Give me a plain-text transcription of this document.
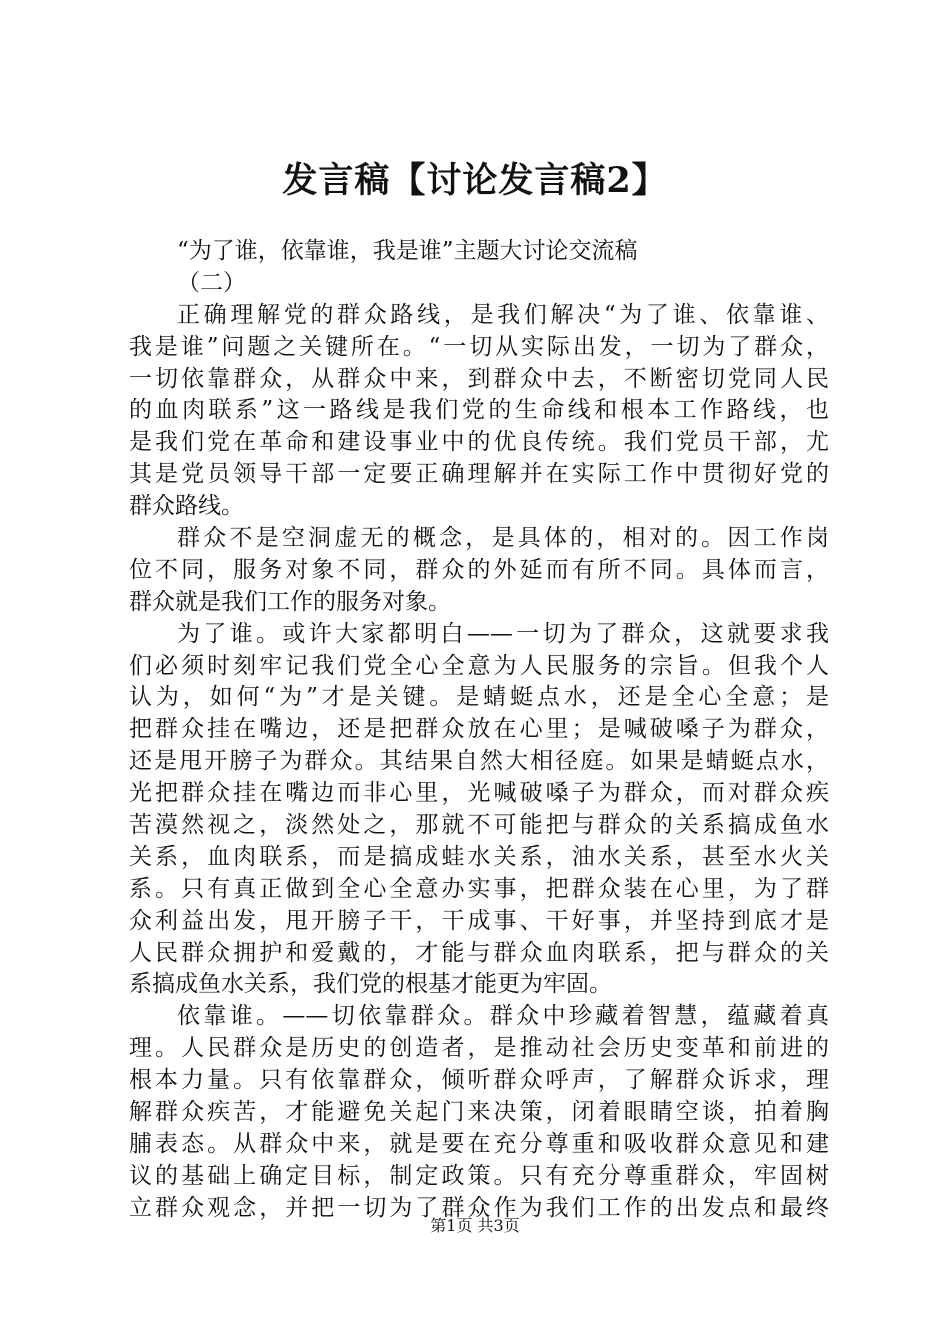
发言稿【讨论发言稿2】
“为了谁，依靠谁，我是谁”主题大讨论交流稿
（二）
正确理解党的群众路线，是我们解决“为了谁、依靠谁、
我是谁”问题之关键所在。“一切从实际出发，一切为了群众，
一切依靠群众，从群众中来，到群众中去，不断密切党同人民
的血肉联系”这一路线是我们党的生命线和根本工作路线，也
是我们党在革命和建设事业中的优良传统。我们党员干部，尤
其是党员领导干部一定要正确理解并在实际工作中贯彻好党的
群众路线。
群众不是空洞虚无的概念，是具体的，相对的。因工作岗
位不同，服务对象不同，群众的外延而有所不同。具体而言，
群众就是我们工作的服务对象。
为了谁。或许大家都明白——一切为了群众，这就要求我
们必须时刻牢记我们党全心全意为人民服务的宗旨。但我个人
认为，如何“为”才是关键。是蜻蜓点水，还是全心全意；是
把群众挂在嘴边，还是把群众放在心里；是喊破嗓子为群众，
还是甩开膀子为群众。其结果自然大相径庭。如果是蜻蜓点水，
光把群众挂在嘴边而非心里，光喊破嗓子为群众，而对群众疾
苦漠然视之，淡然处之，那就不可能把与群众的关系搞成鱼水
关系，血肉联系，而是搞成蛙水关系，油水关系，甚至水火关
系。只有真正做到全心全意办实事，把群众装在心里，为了群
众利益出发，甩开膀子干，干成事、干好事，并坚持到底才是
人民群众拥护和爱戴的，才能与群众血肉联系，把与群众的关
系搞成鱼水关系，我们党的根基才能更为牢固。
依靠谁。——切依靠群众。群众中珍藏着智慧，蕴藏着真
理。人民群众是历史的创造者，是推动社会历史变革和前进的
根本力量。只有依靠群众，倾听群众呼声，了解群众诉求，理
解群众疾苦，才能避免关起门来决策，闭着眼睛空谈，拍着胸
脯表态。从群众中来，就是要在充分尊重和吸收群众意见和建
议的基础上确定目标，制定政策。只有充分尊重群众，牢固树
立群众观念，并把一切为了群众作为我们工作的出发点和最终
第1页 共3页
